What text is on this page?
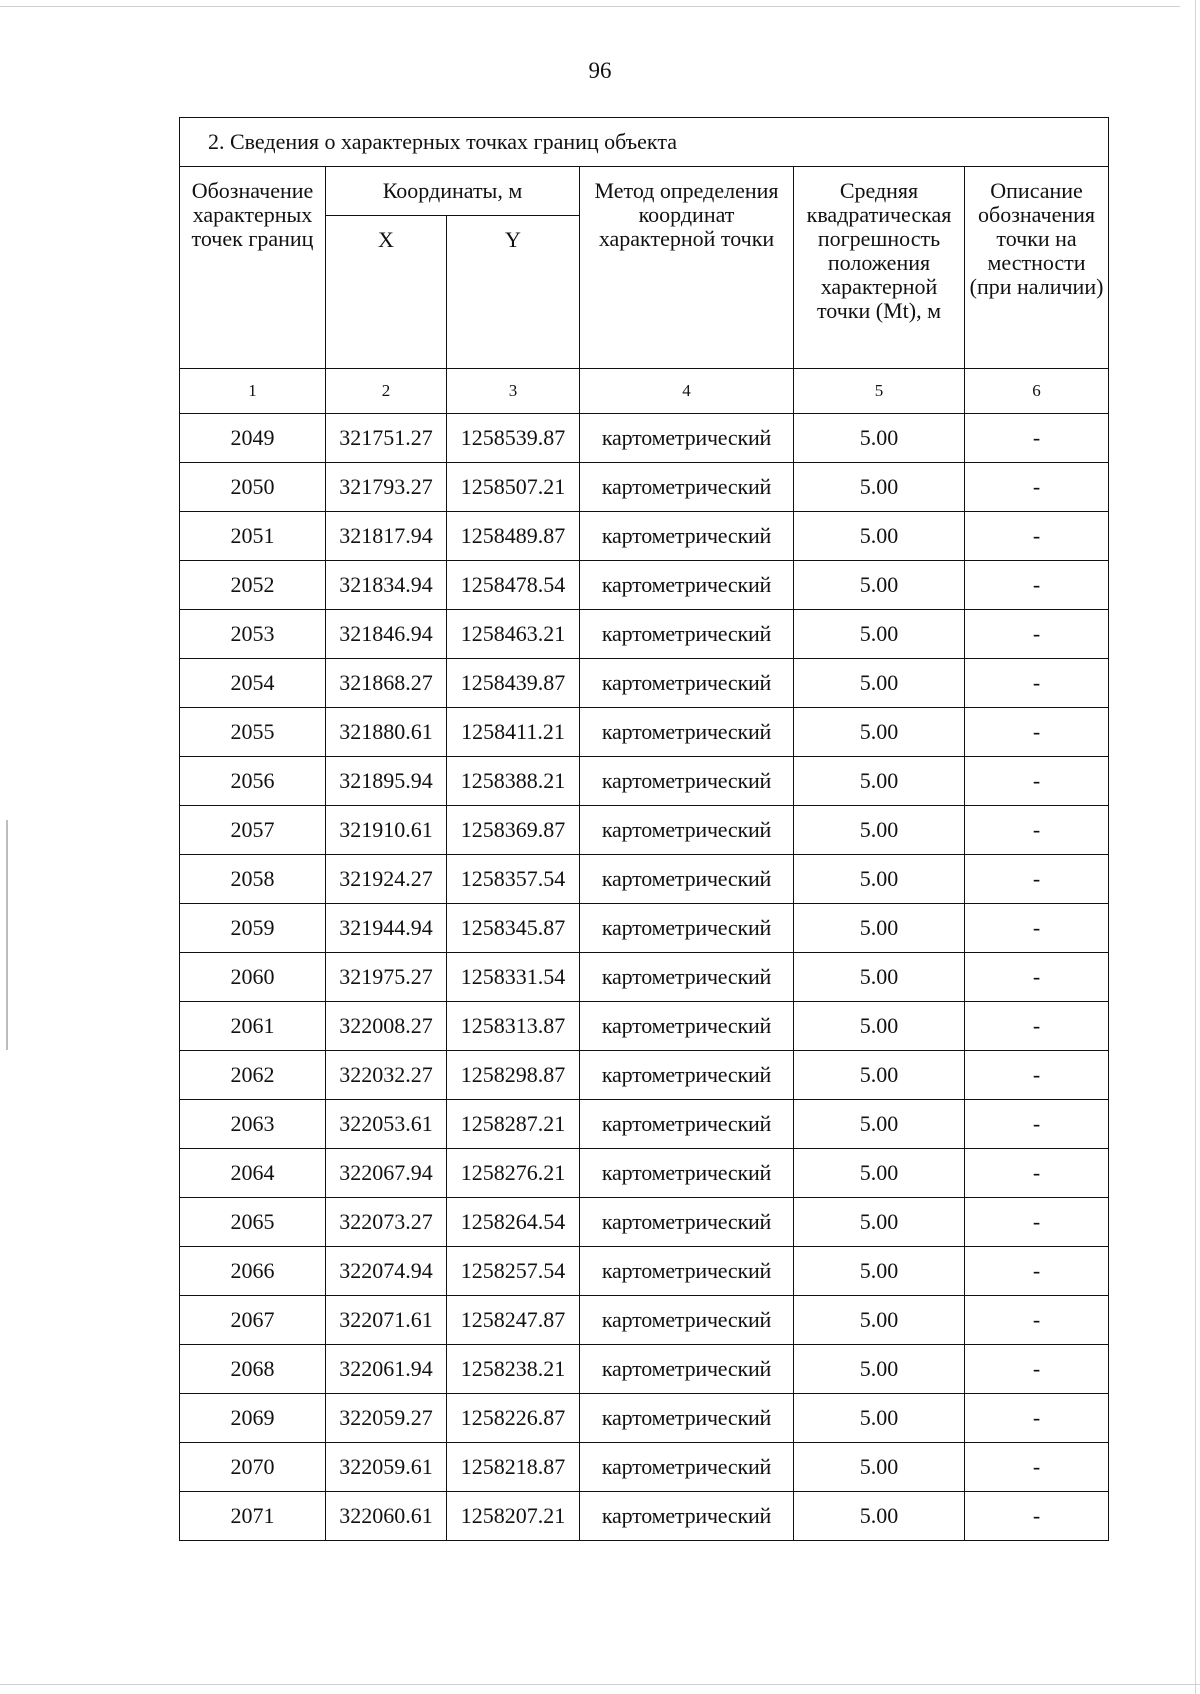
96
2. Сведения о характерных точках границ объекта					
Обозначение характерных точек границ	Координаты, м		Метод определения координат характерной точки	Средняя квадратическая погрешность положения характерной точки (Mt), м	Описание обозначения точки на местности (при наличии)
	X	Y			
1	2	3	4	5	6
2049	321751.27	1258539.87	картометрический	5.00	-
2050	321793.27	1258507.21	картометрический	5.00	-
2051	321817.94	1258489.87	картометрический	5.00	-
2052	321834.94	1258478.54	картометрический	5.00	-
2053	321846.94	1258463.21	картометрический	5.00	-
2054	321868.27	1258439.87	картометрический	5.00	-
2055	321880.61	1258411.21	картометрический	5.00	-
2056	321895.94	1258388.21	картометрический	5.00	-
2057	321910.61	1258369.87	картометрический	5.00	-
2058	321924.27	1258357.54	картометрический	5.00	-
2059	321944.94	1258345.87	картометрический	5.00	-
2060	321975.27	1258331.54	картометрический	5.00	-
2061	322008.27	1258313.87	картометрический	5.00	-
2062	322032.27	1258298.87	картометрический	5.00	-
2063	322053.61	1258287.21	картометрический	5.00	-
2064	322067.94	1258276.21	картометрический	5.00	-
2065	322073.27	1258264.54	картометрический	5.00	-
2066	322074.94	1258257.54	картометрический	5.00	-
2067	322071.61	1258247.87	картометрический	5.00	-
2068	322061.94	1258238.21	картометрический	5.00	-
2069	322059.27	1258226.87	картометрический	5.00	-
2070	322059.61	1258218.87	картометрический	5.00	-
2071	322060.61	1258207.21	картометрический	5.00	-
